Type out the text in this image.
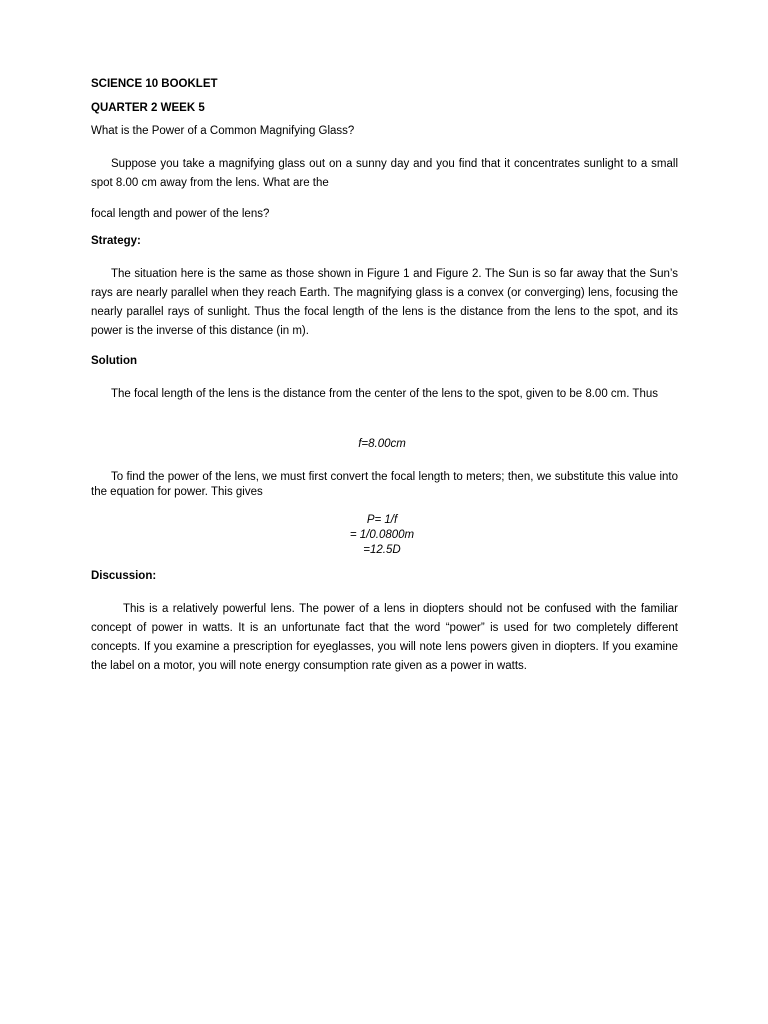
SCIENCE 10 BOOKLET

QUARTER 2 WEEK 5

What is the Power of a Common Magnifying Glass?

Suppose you take a magnifying glass out on a sunny day and you find that it concentrates sunlight to a small spot 8.00 cm away from the lens. What are the

focal length and power of the lens?

Strategy:

The situation here is the same as those shown in Figure 1 and Figure 2. The Sun is so far away that the Sun’s rays are nearly parallel when they reach Earth. The magnifying glass is a convex (or converging) lens, focusing the nearly parallel rays of sunlight. Thus the focal length of the lens is the distance from the lens to the spot, and its power is the inverse of this distance (in m).

Solution

The focal length of the lens is the distance from the center of the lens to the spot, given to be 8.00 cm. Thus

f=8.00cm

To find the power of the lens, we must first convert the focal length to meters; then, we substitute this value into the equation for power. This gives

P= 1/f

= 1/0.0800m

=12.5D

Discussion:

This is a relatively powerful lens. The power of a lens in diopters should not be confused with the familiar concept of power in watts. It is an unfortunate fact that the word “power” is used for two completely different concepts. If you examine a prescription for eyeglasses, you will note lens powers given in diopters. If you examine the label on a motor, you will note energy consumption rate given as a power in watts.
